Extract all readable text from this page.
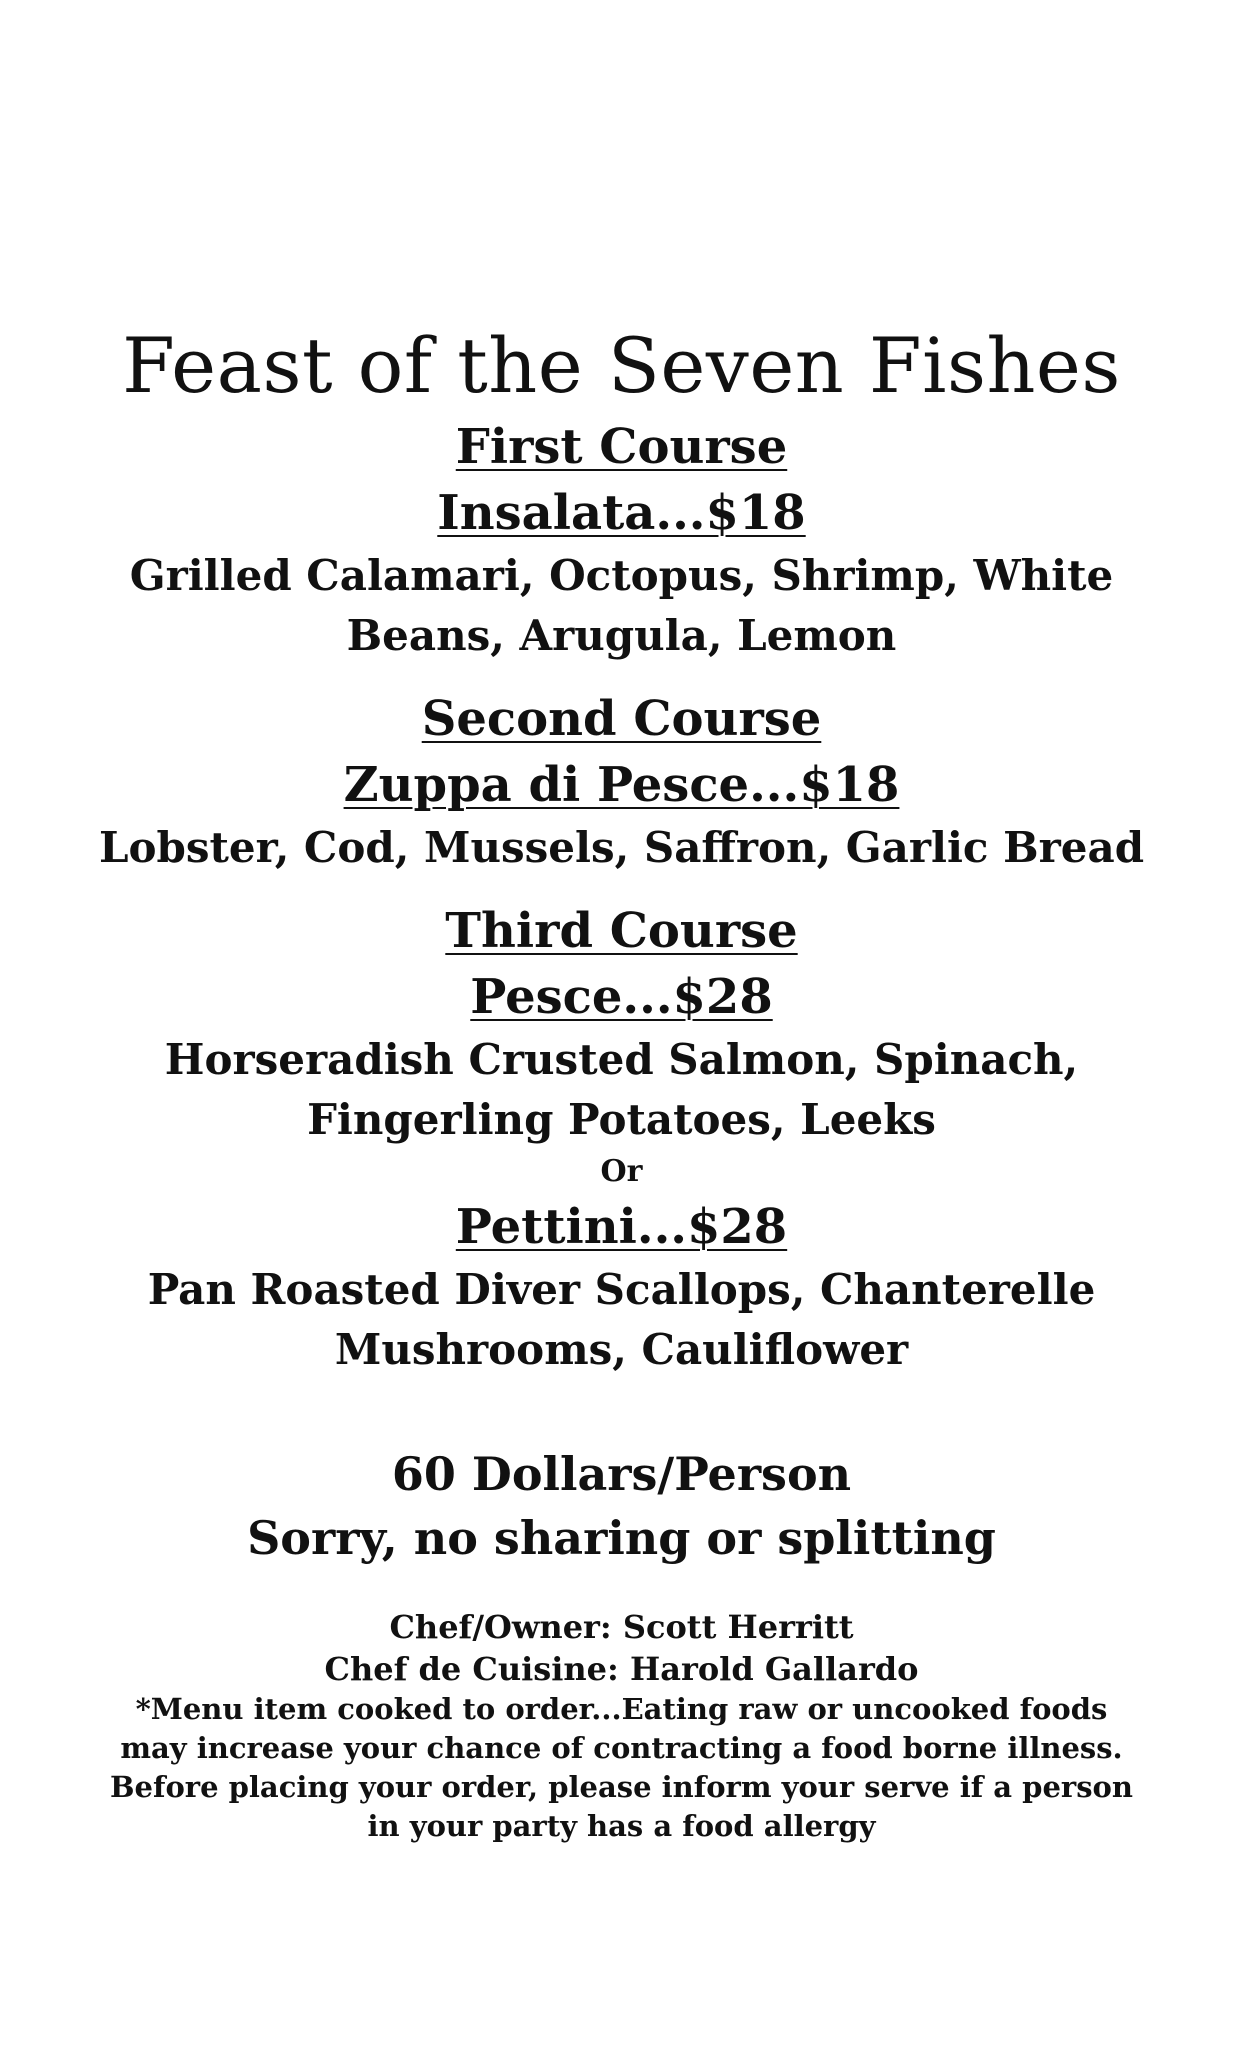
Feast of the Seven Fishes
First Course
Insalata...$18
Grilled Calamari, Octopus, Shrimp, White
Beans, Arugula, Lemon
Second Course
Zuppa di Pesce...$18
Lobster, Cod, Mussels, Saffron, Garlic Bread
Third Course
Pesce...$28
Horseradish Crusted Salmon, Spinach,
Fingerling Potatoes, Leeks
Or
Pettini...$28
Pan Roasted Diver Scallops, Chanterelle
Mushrooms, Cauliflower
60 Dollars/Person
Sorry, no sharing or splitting
Chef/Owner: Scott Herritt
Chef de Cuisine: Harold Gallardo
*Menu item cooked to order...Eating raw or uncooked foods
may increase your chance of contracting a food borne illness.
Before placing your order, please inform your serve if a person
in your party has a food allergy
